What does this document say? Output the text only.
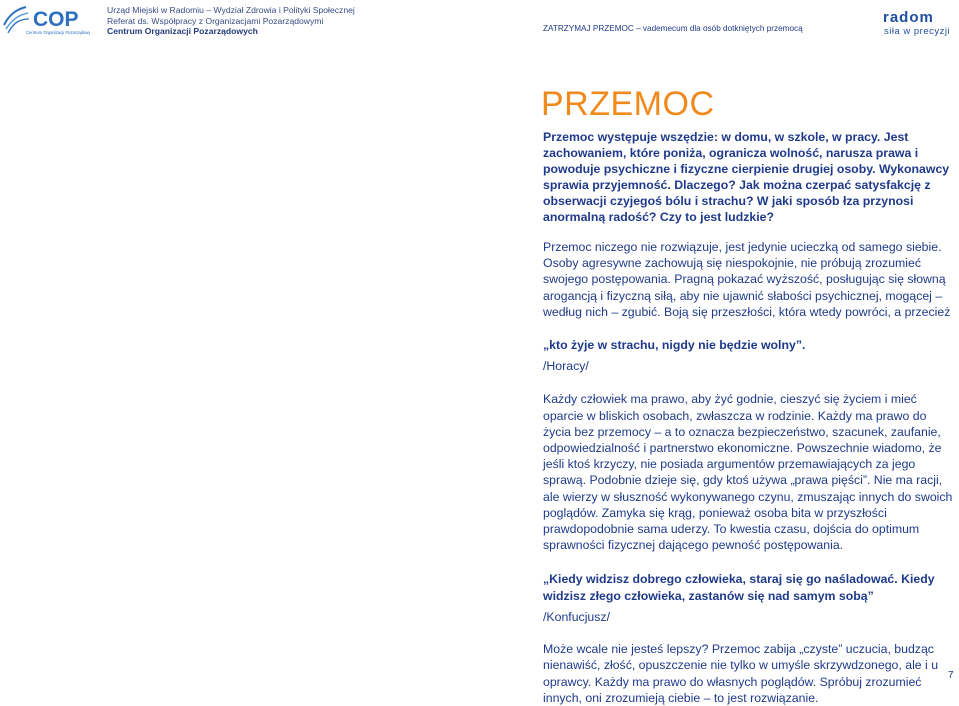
COP
Centrum Organizacji Pozarządowych
Urząd Miejski w Radomiu – Wydział Zdrowia i Polityki Społecznej
Referat ds. Współpracy z Organizacjami Pozarządowymi
Centrum Organizacji Pozarządowych	ZATRZYMAJ PRZEMOC – vademecum dla osób dotkniętych przemocą
radom
siła w precyzji
PRZEMOC

Przemoc występuje wszędzie: w domu, w szkole, w pracy. Jest zachowaniem, które poniża, ogranicza wolność, narusza prawa i powoduje psychiczne i fizyczne cierpienie drugiej osoby. Wykonawcy sprawia przyjemność. Dlaczego? Jak można czerpać satysfakcję z obserwacji czyjegoś bólu i strachu? W jaki sposób łza przynosi anormalną radość? Czy to jest ludzkie?

Przemoc niczego nie rozwiązuje, jest jedynie ucieczką od samego siebie. Osoby agresywne zachowują się niespokojnie, nie próbują zrozumieć swojego postępowania. Pragną pokazać wyższość, posługując się słowną arogancją i fizyczną siłą, aby nie ujawnić słabości psychicznej, mogącej – według nich – zgubić. Boją się przeszłości, która wtedy powróci, a przecież

„kto żyje w strachu, nigdy nie będzie wolny”.

/Horacy/

Każdy człowiek ma prawo, aby żyć godnie, cieszyć się życiem i mieć oparcie w bliskich osobach, zwłaszcza w rodzinie. Każdy ma prawo do życia bez przemocy – a to oznacza bezpieczeństwo, szacunek, zaufanie, odpowiedzialność i partnerstwo ekonomiczne. Powszechnie wiadomo, że jeśli ktoś krzyczy, nie posiada argumentów przemawiających za jego sprawą. Podobnie dzieje się, gdy ktoś używa „prawa pięści”. Nie ma racji, ale wierzy w słuszność wykonywanego czynu, zmuszając innych do swoich poglądów. Zamyka się krąg, ponieważ osoba bita w przyszłości prawdopodobnie sama uderzy. To kwestia czasu, dojścia do optimum sprawności fizycznej dającego pewność postępowania.

„Kiedy widzisz dobrego człowieka, staraj się go naśladować. Kiedy widzisz złego człowieka, zastanów się nad samym sobą”

/Konfucjusz/

Może wcale nie jesteś lepszy? Przemoc zabija „czyste” uczucia, budząc nienawiść, złość, opuszczenie nie tylko w umyśle skrzywdzonego, ale i u oprawcy. Każdy ma prawo do własnych poglądów. Spróbuj zrozumieć innych, oni zrozumieją ciebie – to jest rozwiązanie.

7
